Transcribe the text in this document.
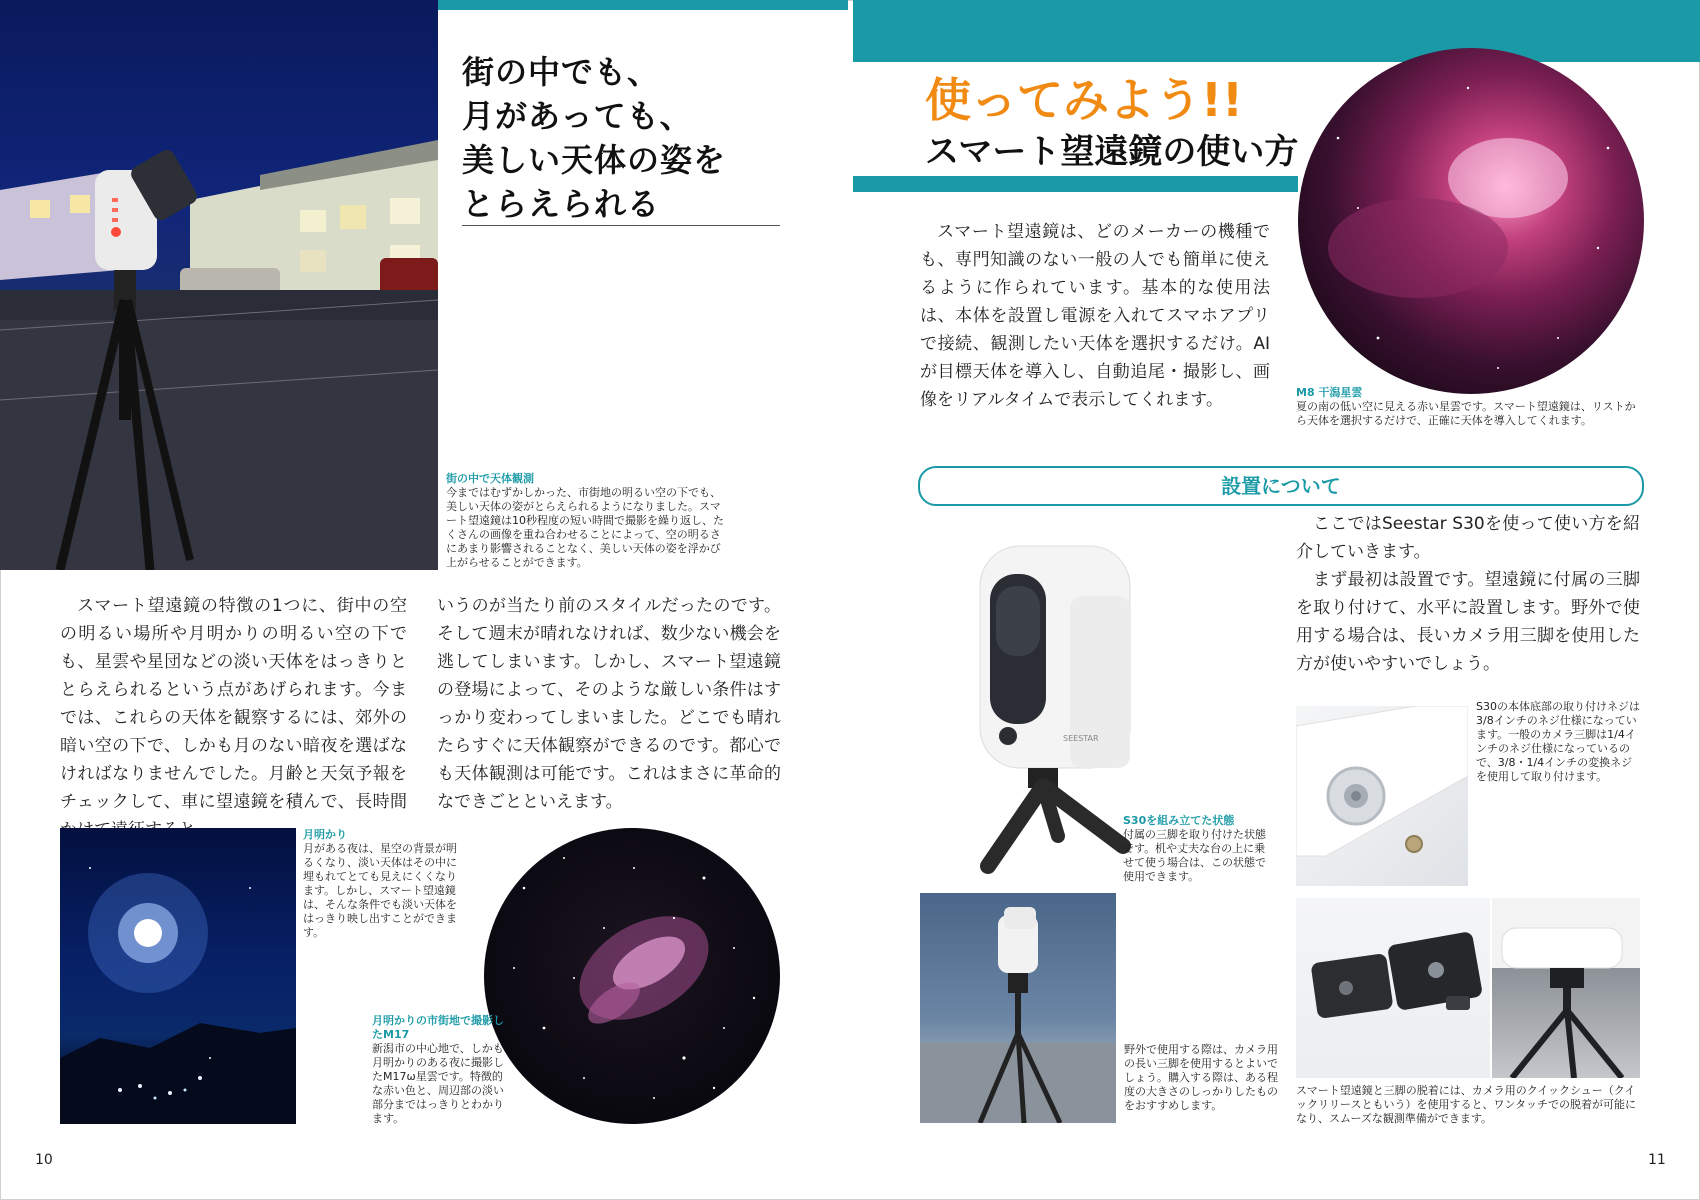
街の中でも、
月があっても、
美しい天体の姿を
とらえられる
街の中で天体観測
今まではむずかしかった、市街地の明るい空の下でも、美しい天体の姿がとらえられるようになりました。スマート望遠鏡は10秒程度の短い時間で撮影を繰り返し、たくさんの画像を重ね合わせることによって、空の明るさにあまり影響されることなく、美しい天体の姿を浮かび上がらせることができます。
スマート望遠鏡の特徴の1つに、街中の空の明るい場所や月明かりの明るい空の下でも、星雲や星団などの淡い天体をはっきりととらえられるという点があげられます。今までは、これらの天体を観察するには、郊外の暗い空の下で、しかも月のない暗夜を選ばなければなりませんでした。月齢と天気予報をチェックして、車に望遠鏡を積んで、長時間
いうのが当たり前のスタイルだったのです。そして週末が晴れなければ、数少ない機会を逃してしまいます。しかし、スマート望遠鏡の登場によって、そのような厳しい条件はすっかり変わってしまいました。どこでも晴れたらすぐに天体観察ができるのです。都心でも天体観測は可能です。これはまさに革命的なできごとといえます。
月明かり
月がある夜は、星空の背景が明るくなり、淡い天体はその中に埋もれてとても見えにくくなります。しかし、スマート望遠鏡は、そんな条件でも淡い天体をはっきり映し出すことができます。
月明かりの市街地で撮影したM17
新潟市の中心地で、しかも月明かりのある夜に撮影したM17ω星雲です。特徴的な赤い色と、周辺部の淡い部分まではっきりとわかります。
10
使ってみよう!!
スマート望遠鏡の使い方
スマート望遠鏡は、どのメーカーの機種でも、専門知識のない一般の人でも簡単に使えるように作られています。基本的な使用法は、本体を設置し電源を入れてスマホアプリで接続、観測したい天体を選択するだけ。AIが目標天体を導入し、自動追尾・撮影し、画像をリアルタイムで表示してくれます。	M8 干潟星雲
夏の南の低い空に見える赤い星雲です。スマート望遠鏡は、リストから天体を選択するだけで、正確に天体を導入してくれます。
設置について

ここではSeestar S30を使って使い方を紹介していきます。

まず最初は設置です。望遠鏡に付属の三脚を取り付けて、水平に設置します。野外で使用する場合は、長いカメラ用三脚を使用した方が使いやすいでしょう。

SEESTAR
S30を組み立てた状態
付属の三脚を取り付けた状態です。机や丈夫な台の上に乗せて使う場合は、この状態で使用できます。
S30の本体底部の取り付けネジは3/8インチのネジ仕様になっています。一般のカメラ三脚は1/4インチのネジ仕様になっているので、3/8・1/4インチの変換ネジを使用して取り付けます。
野外で使用する際は、カメラ用の長い三脚を使用するとよいでしょう。購入する際は、ある程度の大きさのしっかりしたものをおすすめします。
スマート望遠鏡と三脚の脱着には、カメラ用のクイックシュー（クイックリリースともいう）を使用すると、ワンタッチでの脱着が可能になり、スムーズな観測準備ができます。
11
